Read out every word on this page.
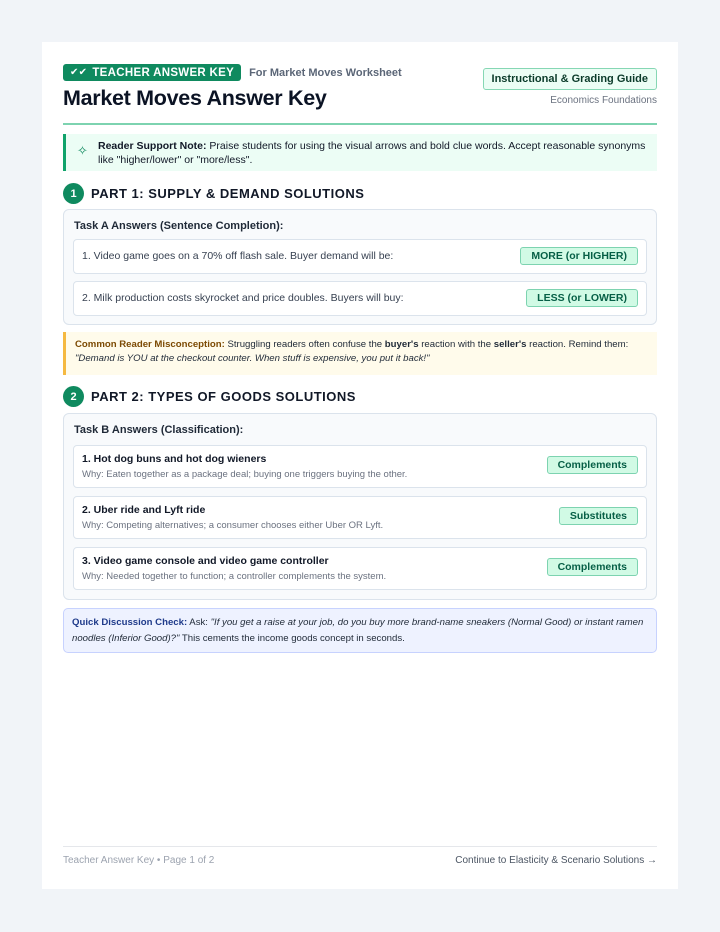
✔✔ TEACHER ANSWER KEY For Market Moves Worksheet
Market Moves Answer Key
Instructional & Grading Guide
Economics Foundations
✧ Reader Support Note: Praise students for using the visual arrows and bold clue words. Accept reasonable synonyms like "higher/lower" or "more/less".
1	PART 1: SUPPLY & DEMAND SOLUTIONS
Task A Answers (Sentence Completion):
1. Video game goes on a 70% off flash sale. Buyer demand will be:	MORE (or HIGHER)
2. Milk production costs skyrocket and price doubles. Buyers will buy:	LESS (or LOWER)
Common Reader Misconception: Struggling readers often confuse the buyer's reaction with the seller's reaction. Remind them:
"Demand is YOU at the checkout counter. When stuff is expensive, you put it back!"
2	PART 2: TYPES OF GOODS SOLUTIONS
Task B Answers (Classification):
1. Hot dog buns and hot dog wieners
Why: Eaten together as a package deal; buying one triggers buying the other.
Complements
2. Uber ride and Lyft ride
Why: Competing alternatives; a consumer chooses either Uber OR Lyft.
Substitutes
3. Video game console and video game controller
Why: Needed together to function; a controller complements the system.
Complements
Quick Discussion Check: Ask: "If you get a raise at your job, do you buy more brand-name sneakers (Normal Good) or instant ramen noodles (Inferior Good)?" This cements the income goods concept in seconds.
Teacher Answer Key • Page 1 of 2	Continue to Elasticity & Scenario Solutions →
